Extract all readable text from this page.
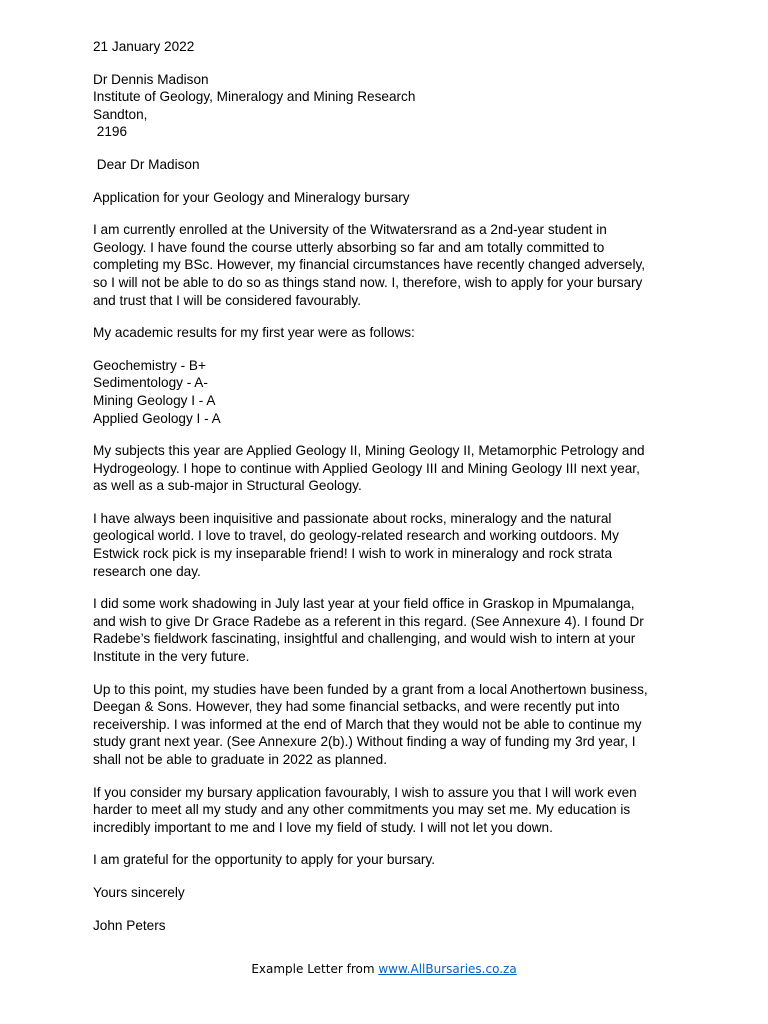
21 January 2022
Dr Dennis Madison
Institute of Geology, Mineralogy and Mining Research
Sandton,
2196
Dear Dr Madison
Application for your Geology and Mineralogy bursary

I am currently enrolled at the University of the Witwatersrand as a 2nd-year student in
Geology. I have found the course utterly absorbing so far and am totally committed to
completing my BSc. However, my financial circumstances have recently changed adversely,
so I will not be able to do so as things stand now. I, therefore, wish to apply for your bursary
and trust that I will be considered favourably.

My academic results for my first year were as follows:

Geochemistry - B+
Sedimentology - A-
Mining Geology I - A
Applied Geology I - A

My subjects this year are Applied Geology II, Mining Geology II, Metamorphic Petrology and
Hydrogeology. I hope to continue with Applied Geology III and Mining Geology III next year,
as well as a sub-major in Structural Geology.

I have always been inquisitive and passionate about rocks, mineralogy and the natural
geological world. I love to travel, do geology-related research and working outdoors. My
Estwick rock pick is my inseparable friend! I wish to work in mineralogy and rock strata
research one day.

I did some work shadowing in July last year at your field office in Graskop in Mpumalanga,
and wish to give Dr Grace Radebe as a referent in this regard. (See Annexure 4). I found Dr
Radebe’s fieldwork fascinating, insightful and challenging, and would wish to intern at your
Institute in the very future.

Up to this point, my studies have been funded by a grant from a local Anothertown business,
Deegan & Sons. However, they had some financial setbacks, and were recently put into
receivership. I was informed at the end of March that they would not be able to continue my
study grant next year. (See Annexure 2(b).) Without finding a way of funding my 3rd year, I
shall not be able to graduate in 2022 as planned.

If you consider my bursary application favourably, I wish to assure you that I will work even
harder to meet all my study and any other commitments you may set me. My education is
incredibly important to me and I love my field of study. I will not let you down.

I am grateful for the opportunity to apply for your bursary.

Yours sincerely
John Peters
Example Letter from www.AllBursaries.co.za
